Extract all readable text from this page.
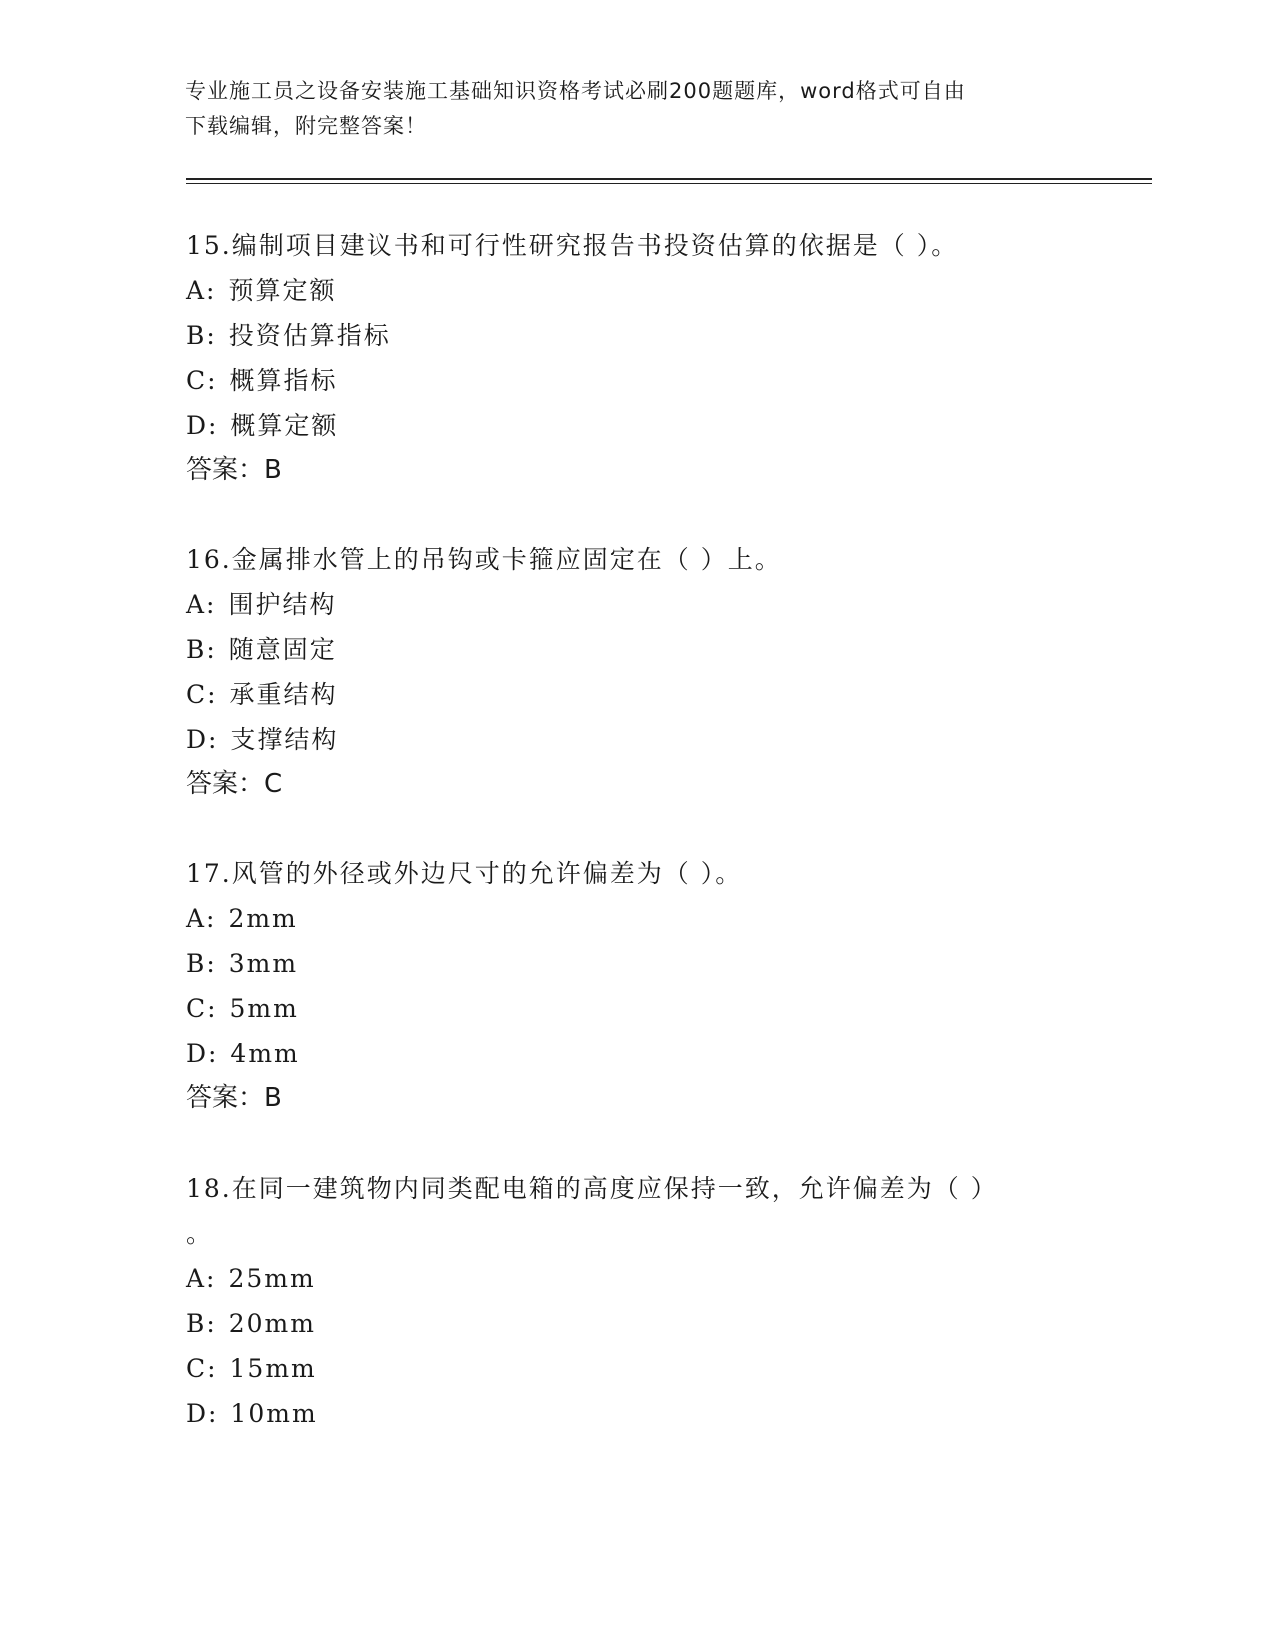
专业施工员之设备安装施工基础知识资格考试必刷200题题库，word格式可自由
下载编辑，附完整答案！
15.编制项目建议书和可行性研究报告书投资估算的依据是（ ）。
A: 预算定额
B: 投资估算指标
C: 概算指标
D: 概算定额
答案：B
16.金属排水管上的吊钩或卡箍应固定在（ ）上。
A: 围护结构
B: 随意固定
C: 承重结构
D: 支撑结构
答案：C
17.风管的外径或外边尺寸的允许偏差为（ ）。
A: 2mm
B: 3mm
C: 5mm
D: 4mm
答案：B
18.在同一建筑物内同类配电箱的高度应保持一致，允许偏差为（ ）
。
A: 25mm
B: 20mm
C: 15mm
D: 10mm
